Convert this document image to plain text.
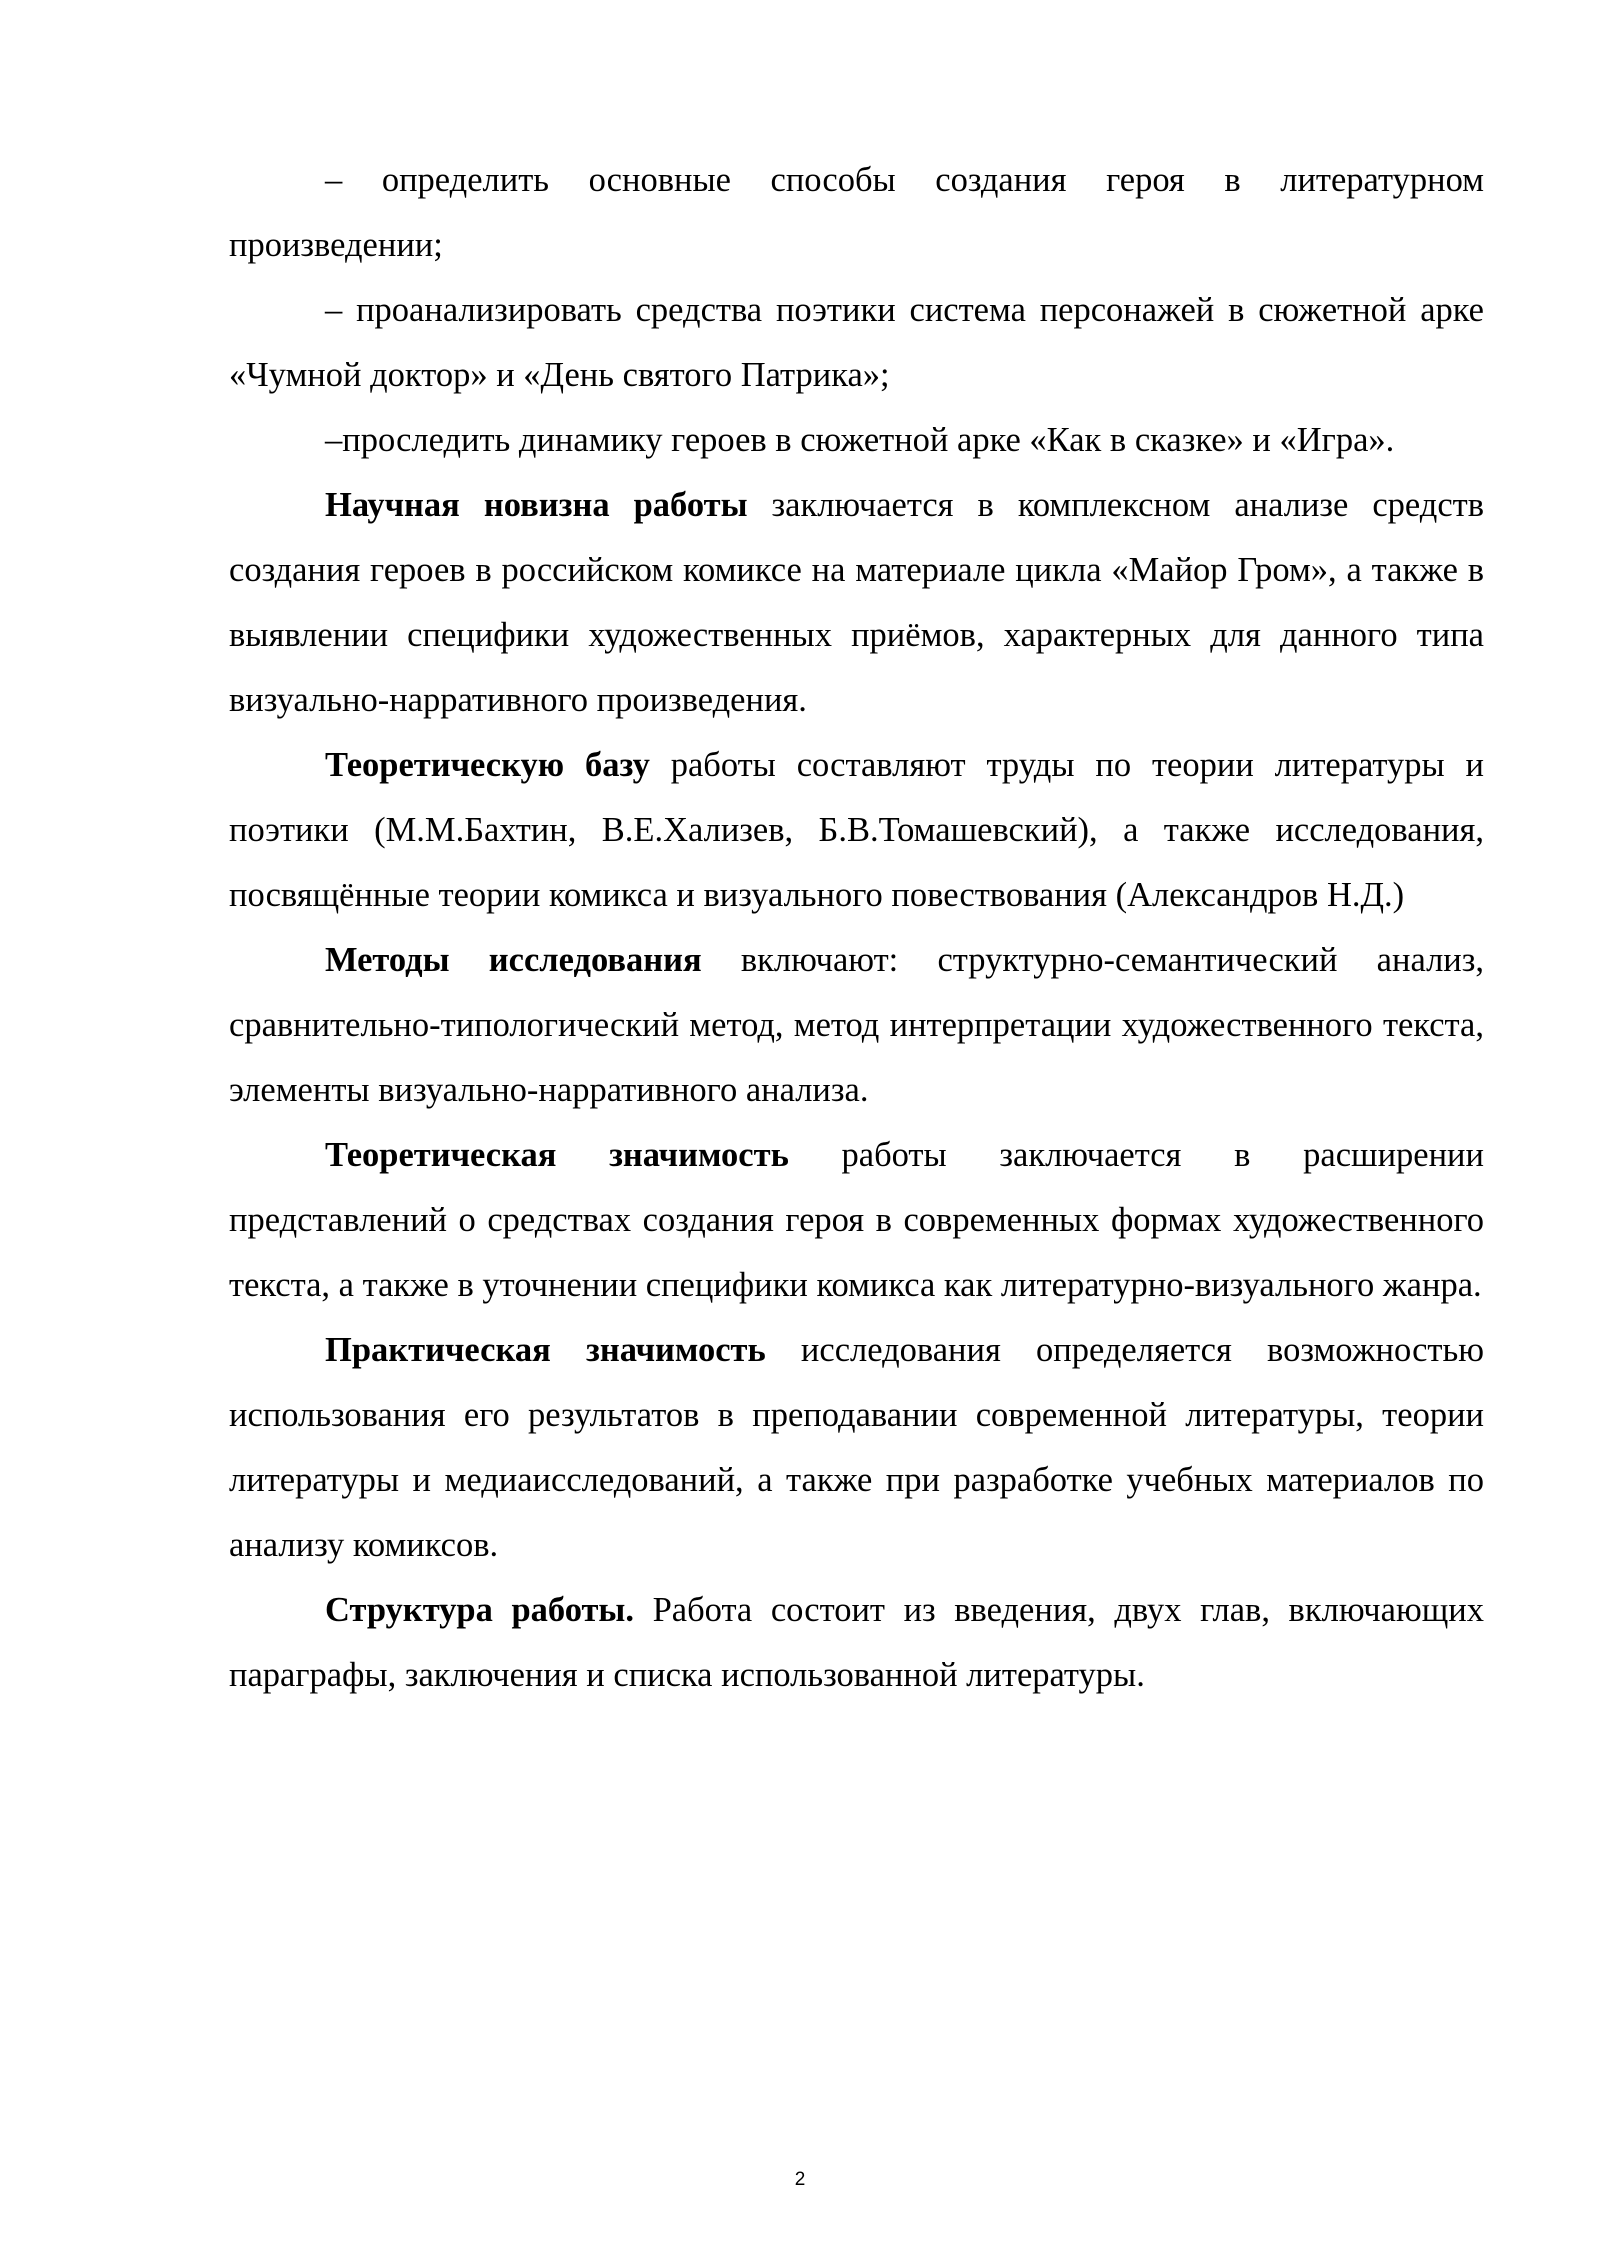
– определить основные способы создания героя в литературном произведении;

– проанализировать средства поэтики система персонажей в сюжетной арке «Чумной доктор» и «День святого Патрика»;

–проследить динамику героев в сюжетной арке «Как в сказке» и «Игра».

Научная новизна работы заключается в комплексном анализе средств создания героев в российском комиксе на материале цикла «Майор Гром», а также в выявлении специфики художественных приёмов, характерных для данного типа визуально-нарративного произведения.

Теоретическую базу работы составляют труды по теории литературы и поэтики (М.М.Бахтин, В.Е.Хализев, Б.В.Томашевский), а также исследования, посвящённые теории комикса и визуального повествования (Александров Н.Д.)

Методы исследования включают: структурно-семантический анализ, сравнительно-типологический метод, метод интерпретации художественного текста, элементы визуально-нарративного анализа.

Теоретическая значимость работы заключается в расширении представлений о средствах создания героя в современных формах художественного текста, а также в уточнении специфики комикса как литературно-визуального жанра.

Практическая значимость исследования определяется возможностью использования его результатов в преподавании современной литературы, теории литературы и медиаисследований, а также при разработке учебных материалов по анализу комиксов.

Структура работы. Работа состоит из введения, двух глав, включающих параграфы, заключения и списка использованной литературы.

2
